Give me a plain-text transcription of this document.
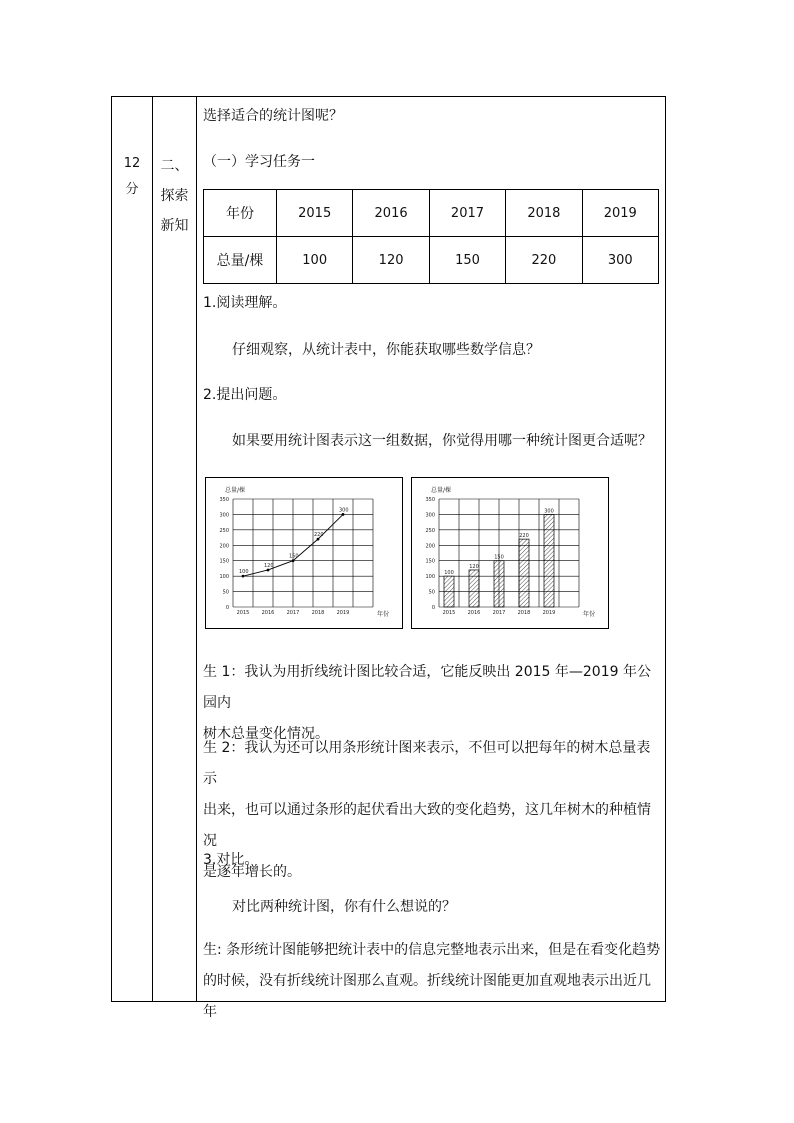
12
分
二、
探索
新知
选择适合的统计图呢？
（一）学习任务一
年份	2015	2016	2017	2018	2019
总量/棵	100	120	150	220	300
1.阅读理解。
仔细观察，从统计表中，你能获取哪些数学信息？
2.提出问题。
如果要用统计图表示这一组数据，你觉得用哪一种统计图更合适呢？
0
50
100
150
200
250
300
350
总量/棵
年份
2015 2016 2017 2018 2019
100
120
150
220
300
0
50
100
150
200
250
300
350
总量/棵
年份
2015 2016 2017 2018 2019
100
120
150
220
300
生 1：我认为用折线统计图比较合适，它能反映出 2015 年—2019 年公园内
树木总量变化情况。
生 2：我认为还可以用条形统计图来表示，不但可以把每年的树木总量表示
出来，也可以通过条形的起伏看出大致的变化趋势，这几年树木的种植情况
是逐年增长的。
3.对比。
对比两种统计图，你有什么想说的？
生: 条形统计图能够把统计表中的信息完整地表示出来，但是在看变化趋势
的时候，没有折线统计图那么直观。折线统计图能更加直观地表示出近几年
